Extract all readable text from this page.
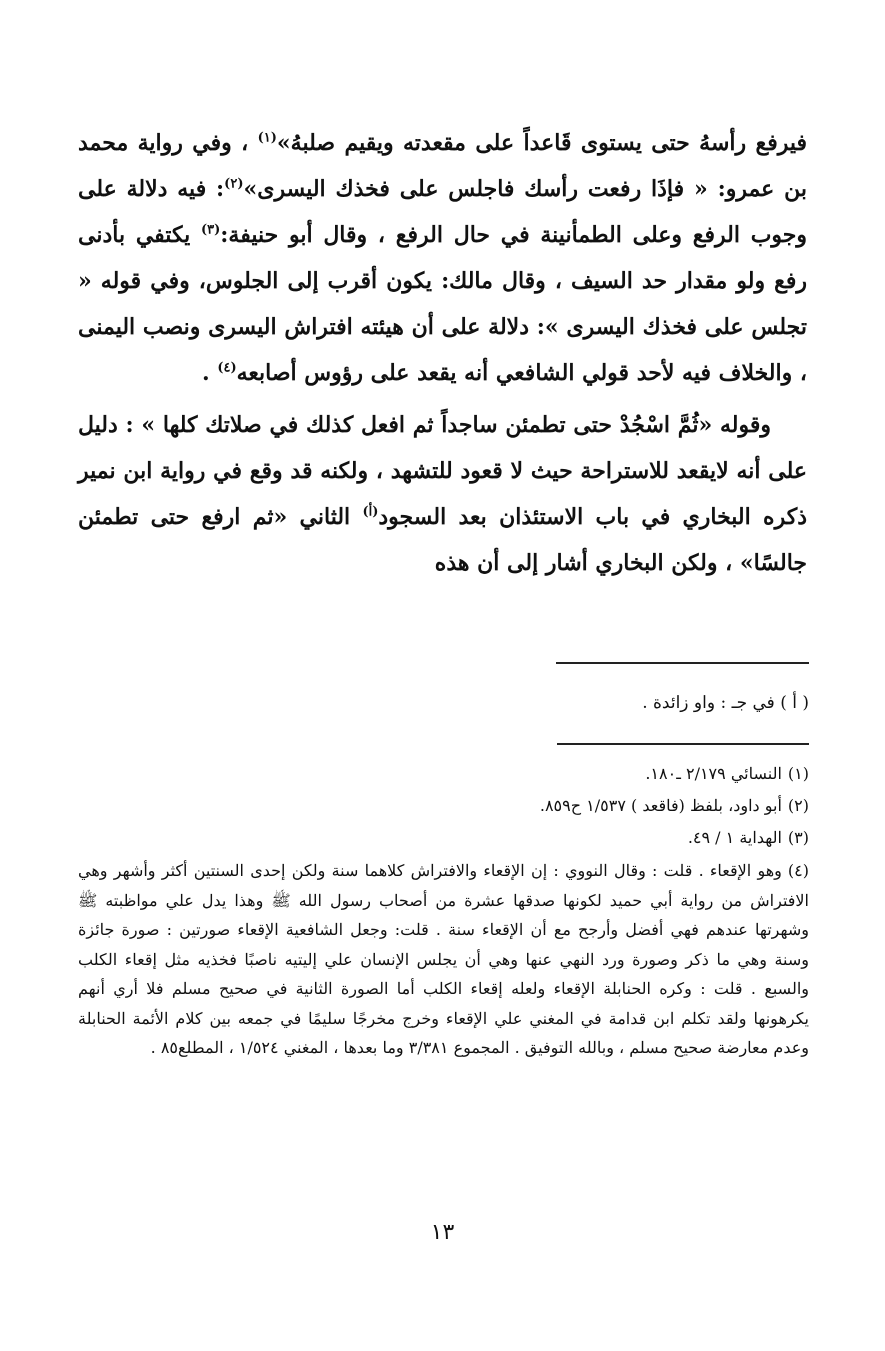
فيرفع رأسهُ حتى يستوى قَاعداً على مقعدته ويقيم صلبهُ»$^{(١)}$ ، وفي رواية محمد بن عمرو: « فإذَا رفعت رأسك فاجلس على فخذك اليسرى»$^{(٢)}$: فيه دلالة على وجوب الرفع وعلى الطمأنينة في حال الرفع ، وقال أبو حنيفة:$^{(٣)}$ يكتفي بأدنى رفع ولو مقدار حد السيف ، وقال مالك: يكون أقرب إلى الجلوس، وفي قوله « تجلس على فخذك اليسرى »: دلالة على أن هيئته افتراش اليسرى ونصب اليمنى ، والخلاف فيه لأحد قولي الشافعي أنه يقعد على رؤوس أصابعه$^{(٤)}$ .

وقوله «ثُمَّ اسْجُدْ حتى تطمئن ساجداً ثم افعل كذلك في صلاتك كلها » : دليل على أنه لايقعد للاستراحة حيث لا قعود للتشهد ، ولكنه قد وقع في رواية ابن نمير ذكره البخاري في باب الاستئذان بعد السجود$^{(أ)}$ الثاني «ثم ارفع حتى تطمئن جالسًا» ، ولكن البخاري أشار إلى أن هذه

( أ ) في جـ : واو زائدة .

(١)النسائي ٢/١٧٩ ـ١٨٠.

(٢)أبو داود، بلفظ (فاقعد ) ١/٥٣٧ ح٨٥٩.

(٣)الهداية ١ / ٤٩.

(٤)وهو الإقعاء . قلت : وقال النووي : إن الإقعاء والافتراش كلاهما سنة ولكن إحدى السنتين أكثر وأشهر وهي الافتراش من رواية أبي حميد لكونها صدقها عشرة من أصحاب رسول الله ﷺ وهذا يدل علي مواظبته ﷺ وشهرتها عندهم فهي أفضل وأرجح مع أن الإقعاء سنة . قلت: وجعل الشافعية الإقعاء صورتين : صورة جائزة وسنة وهي ما ذكر وصورة ورد النهي عنها وهي أن يجلس الإنسان علي إليتيه ناصبًا فخذيه مثل إقعاء الكلب والسبع . قلت : وكره الحنابلة الإقعاء ولعله إقعاء الكلب أما الصورة الثانية في صحيح مسلم فلا أري أنهم يكرهونها ولقد تكلم ابن قدامة في المغني علي الإقعاء وخرج مخرجًا سليمًا في جمعه بين كلام الأئمة الحنابلة وعدم معارضة صحيح مسلم ، وبالله التوفيق . المجموع ٣/٣٨١ وما بعدها ، المغني ١/٥٢٤ ، المطلع٨٥ .

١٣
